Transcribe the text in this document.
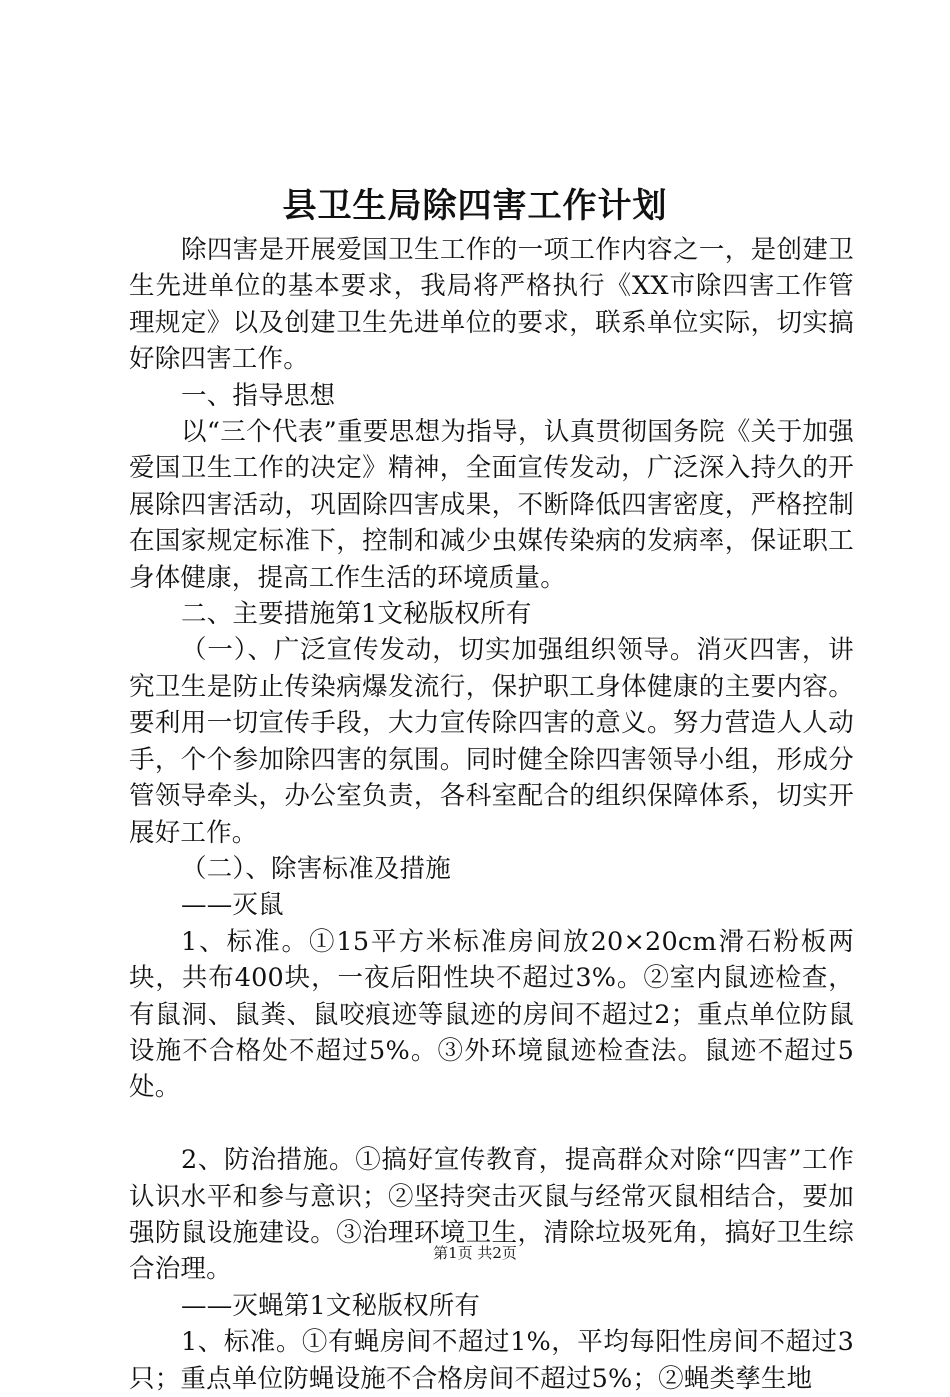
县卫生局除四害工作计划

除四害是开展爱国卫生工作的一项工作内容之一，是创建卫生先进单位的基本要求，我局将严格执行《XX市除四害工作管理规定》以及创建卫生先进单位的要求，联系单位实际，切实搞好除四害工作。

一、指导思想

以“三个代表”重要思想为指导，认真贯彻国务院《关于加强爱国卫生工作的决定》精神，全面宣传发动，广泛深入持久的开展除四害活动，巩固除四害成果，不断降低四害密度，严格控制在国家规定标准下，控制和减少虫媒传染病的发病率，保证职工身体健康，提高工作生活的环境质量。

二、主要措施第1文秘版权所有

（一）、广泛宣传发动，切实加强组织领导。消灭四害，讲究卫生是防止传染病爆发流行，保护职工身体健康的主要内容。要利用一切宣传手段，大力宣传除四害的意义。努力营造人人动手，个个参加除四害的氛围。同时健全除四害领导小组，形成分管领导牵头，办公室负责，各科室配合的组织保障体系，切实开展好工作。

（二）、除害标准及措施

——灭鼠

1、标准。①15平方米标准房间放20×20cm滑石粉板两块，共布400块，一夜后阳性块不超过3%。②室内鼠迹检查，有鼠洞、鼠粪、鼠咬痕迹等鼠迹的房间不超过2；重点单位防鼠设施不合格处不超过5%。③外环境鼠迹检查法。鼠迹不超过5处。

2、防治措施。①搞好宣传教育，提高群众对除“四害”工作认识水平和参与意识；②坚持突击灭鼠与经常灭鼠相结合，要加强防鼠设施建设。③治理环境卫生，清除垃圾死角，搞好卫生综合治理。

——灭蝇第1文秘版权所有

1、标准。①有蝇房间不超过1%，平均每阳性房间不超过3只；重点单位防蝇设施不合格房间不超过5%；②蝇类孳生地

第1页 共2页
